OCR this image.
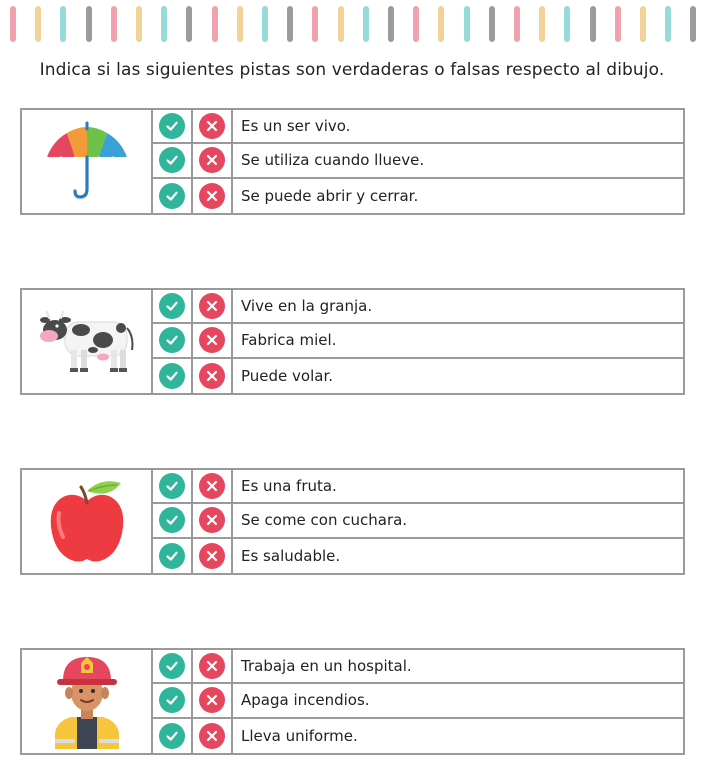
Indica si las siguientes pistas son verdaderas o falsas respecto al dibujo.
Es un ser vivo.
Se utiliza cuando llueve.
Se puede abrir y cerrar.
Vive en la granja.
Fabrica miel.
Puede volar.
Es una fruta.
Se come con cuchara.
Es saludable.
Trabaja en un hospital.
Apaga incendios.
Lleva uniforme.
